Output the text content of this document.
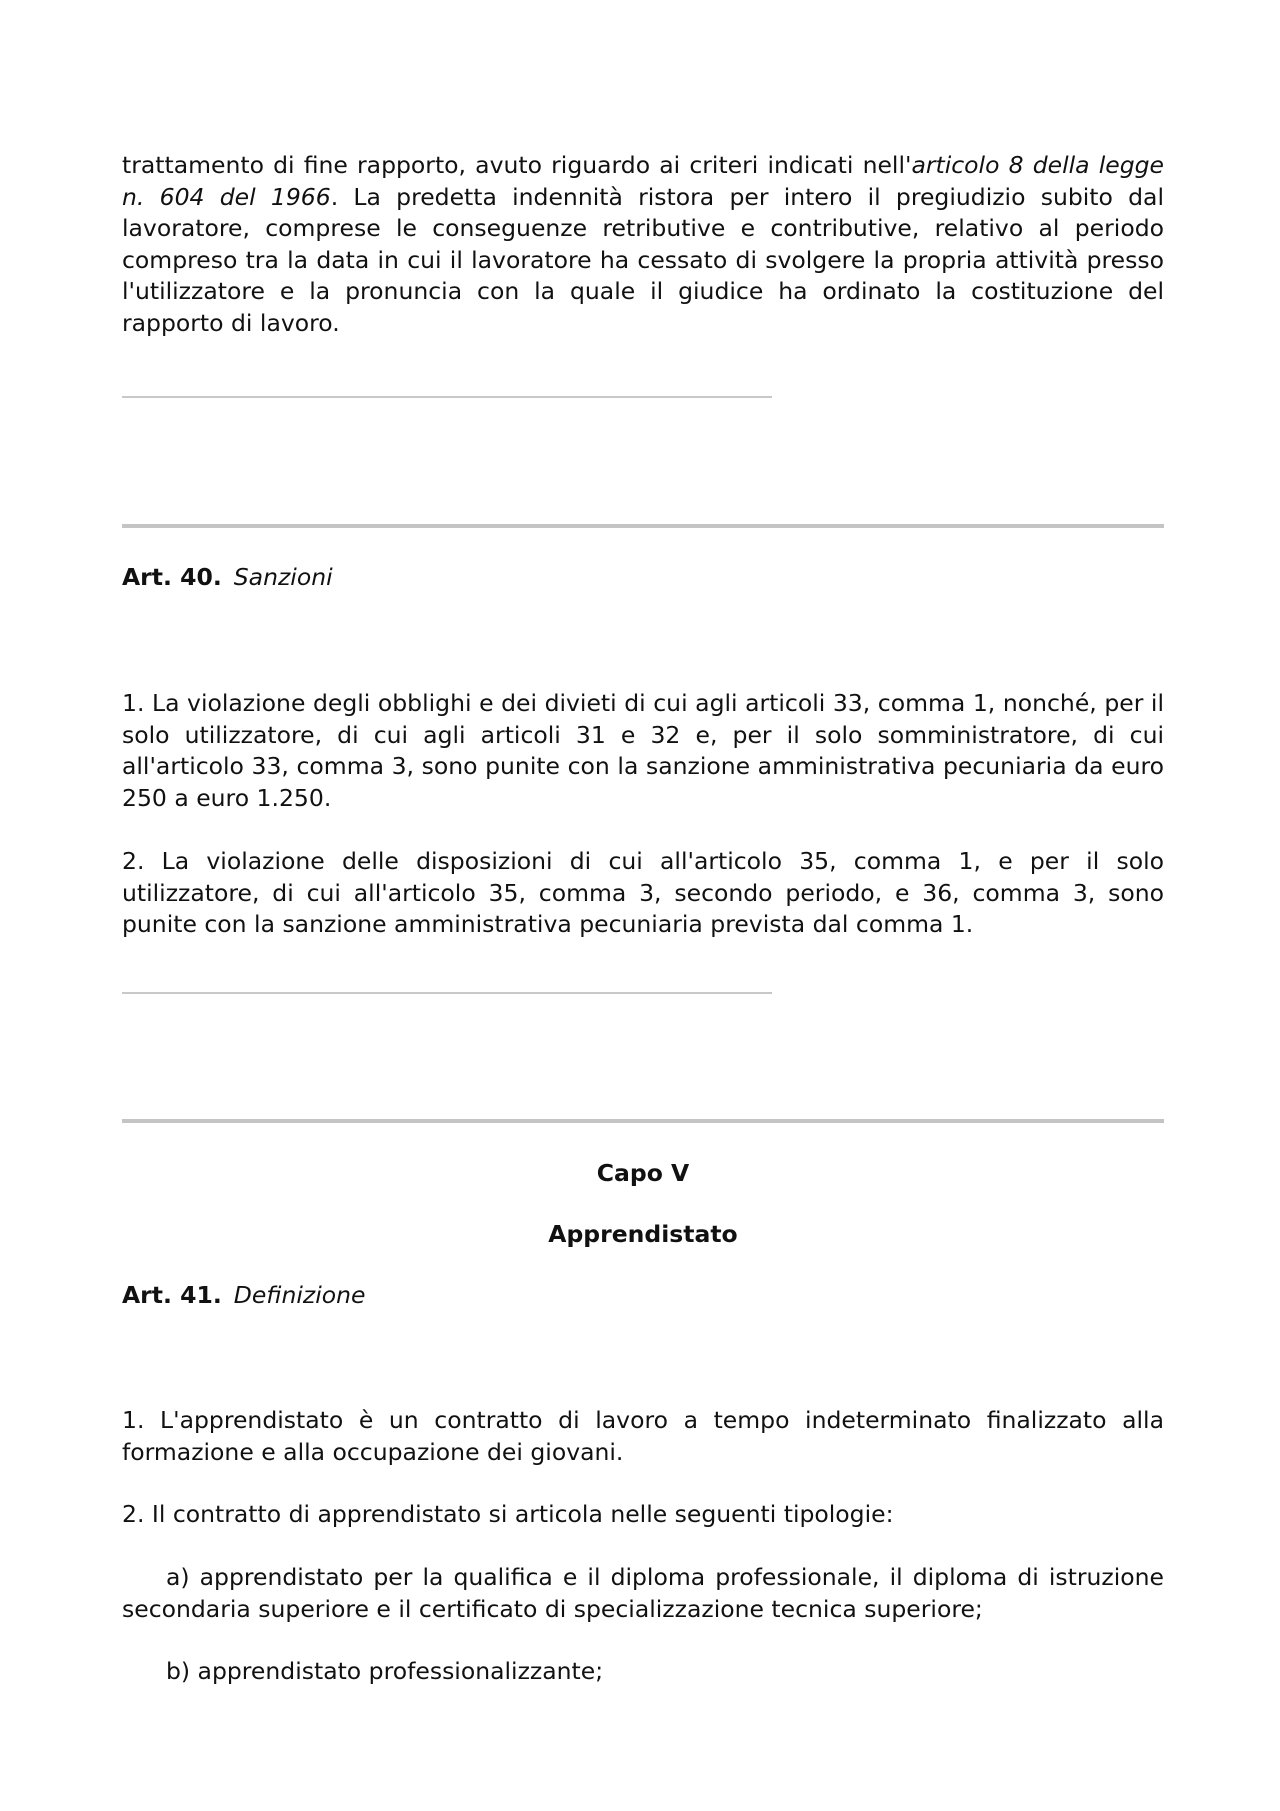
trattamento di fine rapporto, avuto riguardo ai criteri indicati nell'articolo 8 della legge n. 604 del 1966. La predetta indennità ristora per intero il pregiudizio subito dal lavoratore, comprese le conseguenze retributive e contributive, relativo al periodo compreso tra la data in cui il lavoratore ha cessato di svolgere la propria attività presso l'utilizzatore e la pronuncia con la quale il giudice ha ordinato la costituzione del rapporto di lavoro.

Art. 40. Sanzioni

1. La violazione degli obblighi e dei divieti di cui agli articoli 33, comma 1, nonché, per il solo utilizzatore, di cui agli articoli 31 e 32 e, per il solo somministratore, di cui all'articolo 33, comma 3, sono punite con la sanzione amministrativa pecuniaria da euro 250 a euro 1.250.

2. La violazione delle disposizioni di cui all'articolo 35, comma 1, e per il solo utilizzatore, di cui all'articolo 35, comma 3, secondo periodo, e 36, comma 3, sono punite con la sanzione amministrativa pecuniaria prevista dal comma 1.

Capo V

Apprendistato

Art. 41. Definizione

1. L'apprendistato è un contratto di lavoro a tempo indeterminato finalizzato alla formazione e alla occupazione dei giovani.

2. Il contratto di apprendistato si articola nelle seguenti tipologie:

a) apprendistato per la qualifica e il diploma professionale, il diploma di istruzione secondaria superiore e il certificato di specializzazione tecnica superiore;

b) apprendistato professionalizzante;
